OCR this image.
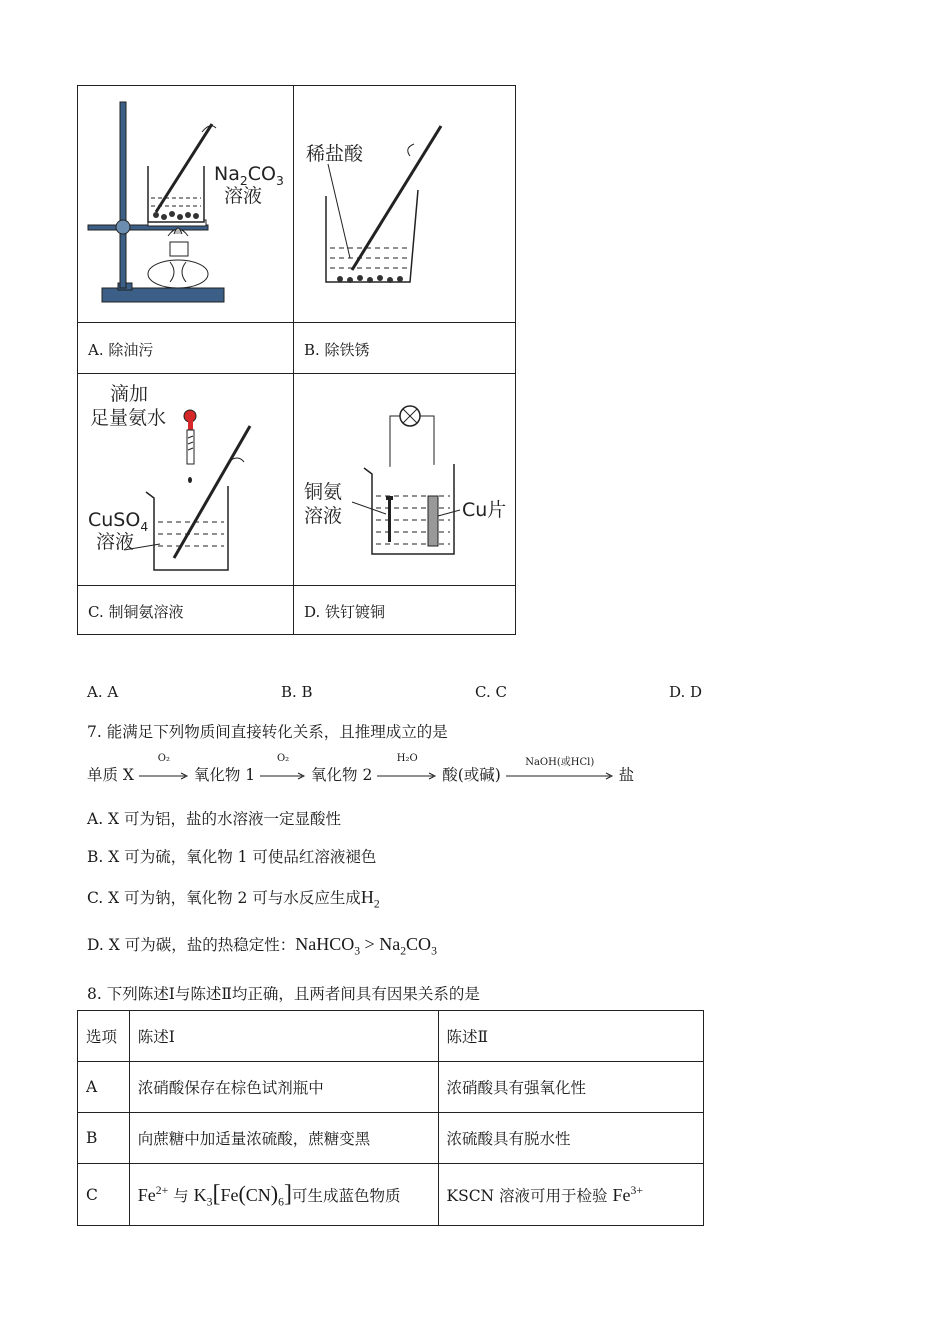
$Na_2CO_3$
溶液
稀盐酸
A. 除油污	B. 除铁锈
滴加
足量氨水
CuSO$_4$
溶液
铜氨
溶液	Cu片
C. 制铜氨溶液	D. 铁钉镀铜
A. A	B. B	C. C	D. D
7. 能满足下列物质间直接转化关系，且推理成立的是
单质 X
O₂
氧化物 1
O₂
氧化物 2
H₂O
酸(或碱)
NaOH(或HCl)
盐
A. X 可为铝，盐的水溶液一定显酸性
B. X 可为硫，氧化物 1 可使品红溶液褪色
C. X 可为钠，氧化物 2 可与水反应生成$H_2$
D. X 可为碳，盐的热稳定性：NaHCO$_3$ > $Na_2CO_3$
8. 下列陈述Ⅰ与陈述Ⅱ均正确，且两者间具有因果关系的是
选项	陈述Ⅰ	陈述Ⅱ
A	浓硝酸保存在棕色试剂瓶中	浓硝酸具有强氧化性
B	向蔗糖中加适量浓硫酸，蔗糖变黑	浓硫酸具有脱水性
C	$Fe^{2+}$ 与 $K_3[Fe(CN)_6]$可生成蓝色物质	KSCN 溶液可用于检验 $Fe^{3+}$
